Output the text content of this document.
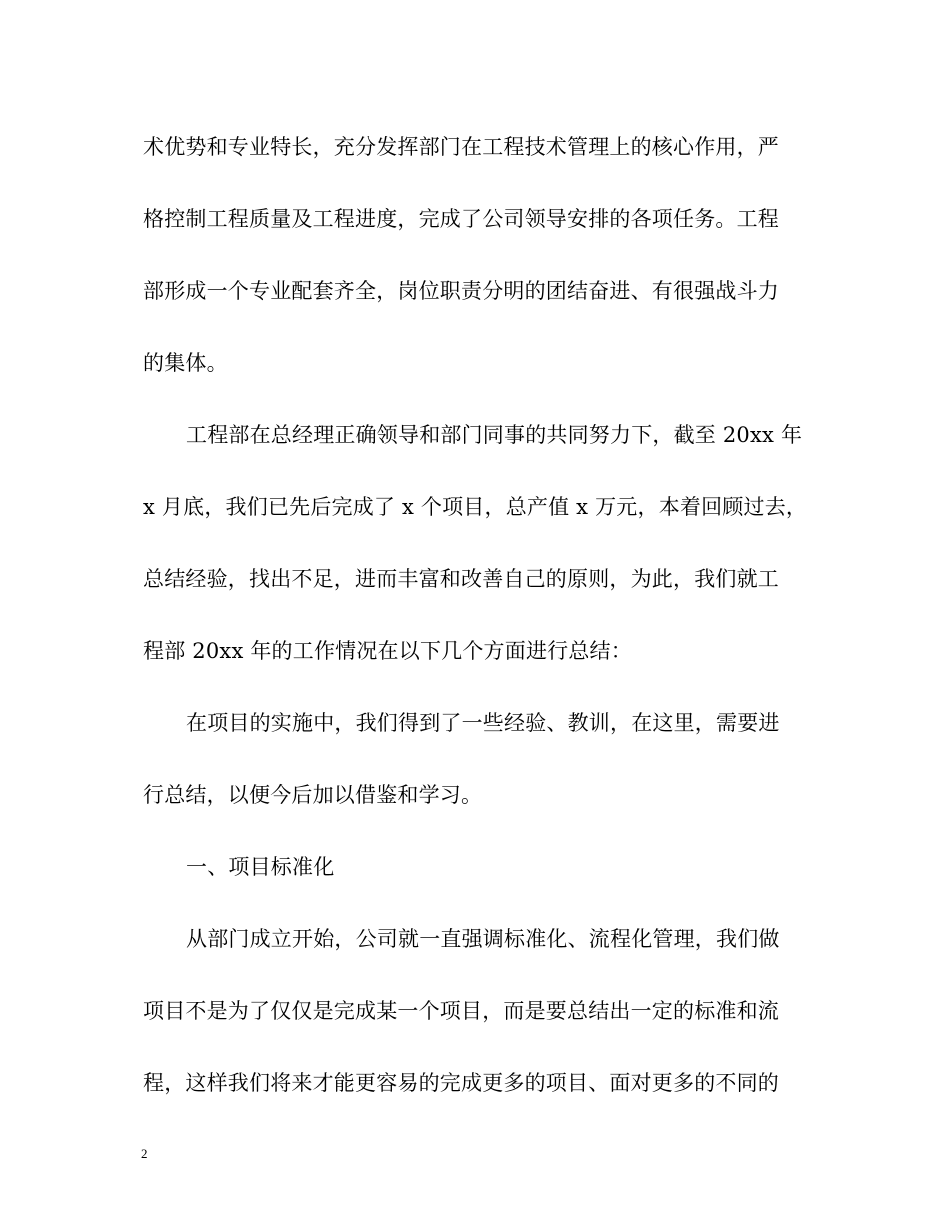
术优势和专业特长，充分发挥部门在工程技术管理上的核心作用，严
格控制工程质量及工程进度，完成了公司领导安排的各项任务。工程
部形成一个专业配套齐全，岗位职责分明的团结奋进、有很强战斗力
的集体。
工程部在总经理正确领导和部门同事的共同努力下，截至 20xx 年
x 月底，我们已先后完成了 x 个项目，总产值 x 万元，本着回顾过去，
总结经验，找出不足，进而丰富和改善自己的原则，为此，我们就工
程部 20xx 年的工作情况在以下几个方面进行总结：
在项目的实施中，我们得到了一些经验、教训，在这里，需要进
行总结，以便今后加以借鉴和学习。
一、项目标准化
从部门成立开始，公司就一直强调标准化、流程化管理，我们做
项目不是为了仅仅是完成某一个项目，而是要总结出一定的标准和流
程，这样我们将来才能更容易的完成更多的项目、面对更多的不同的
2
